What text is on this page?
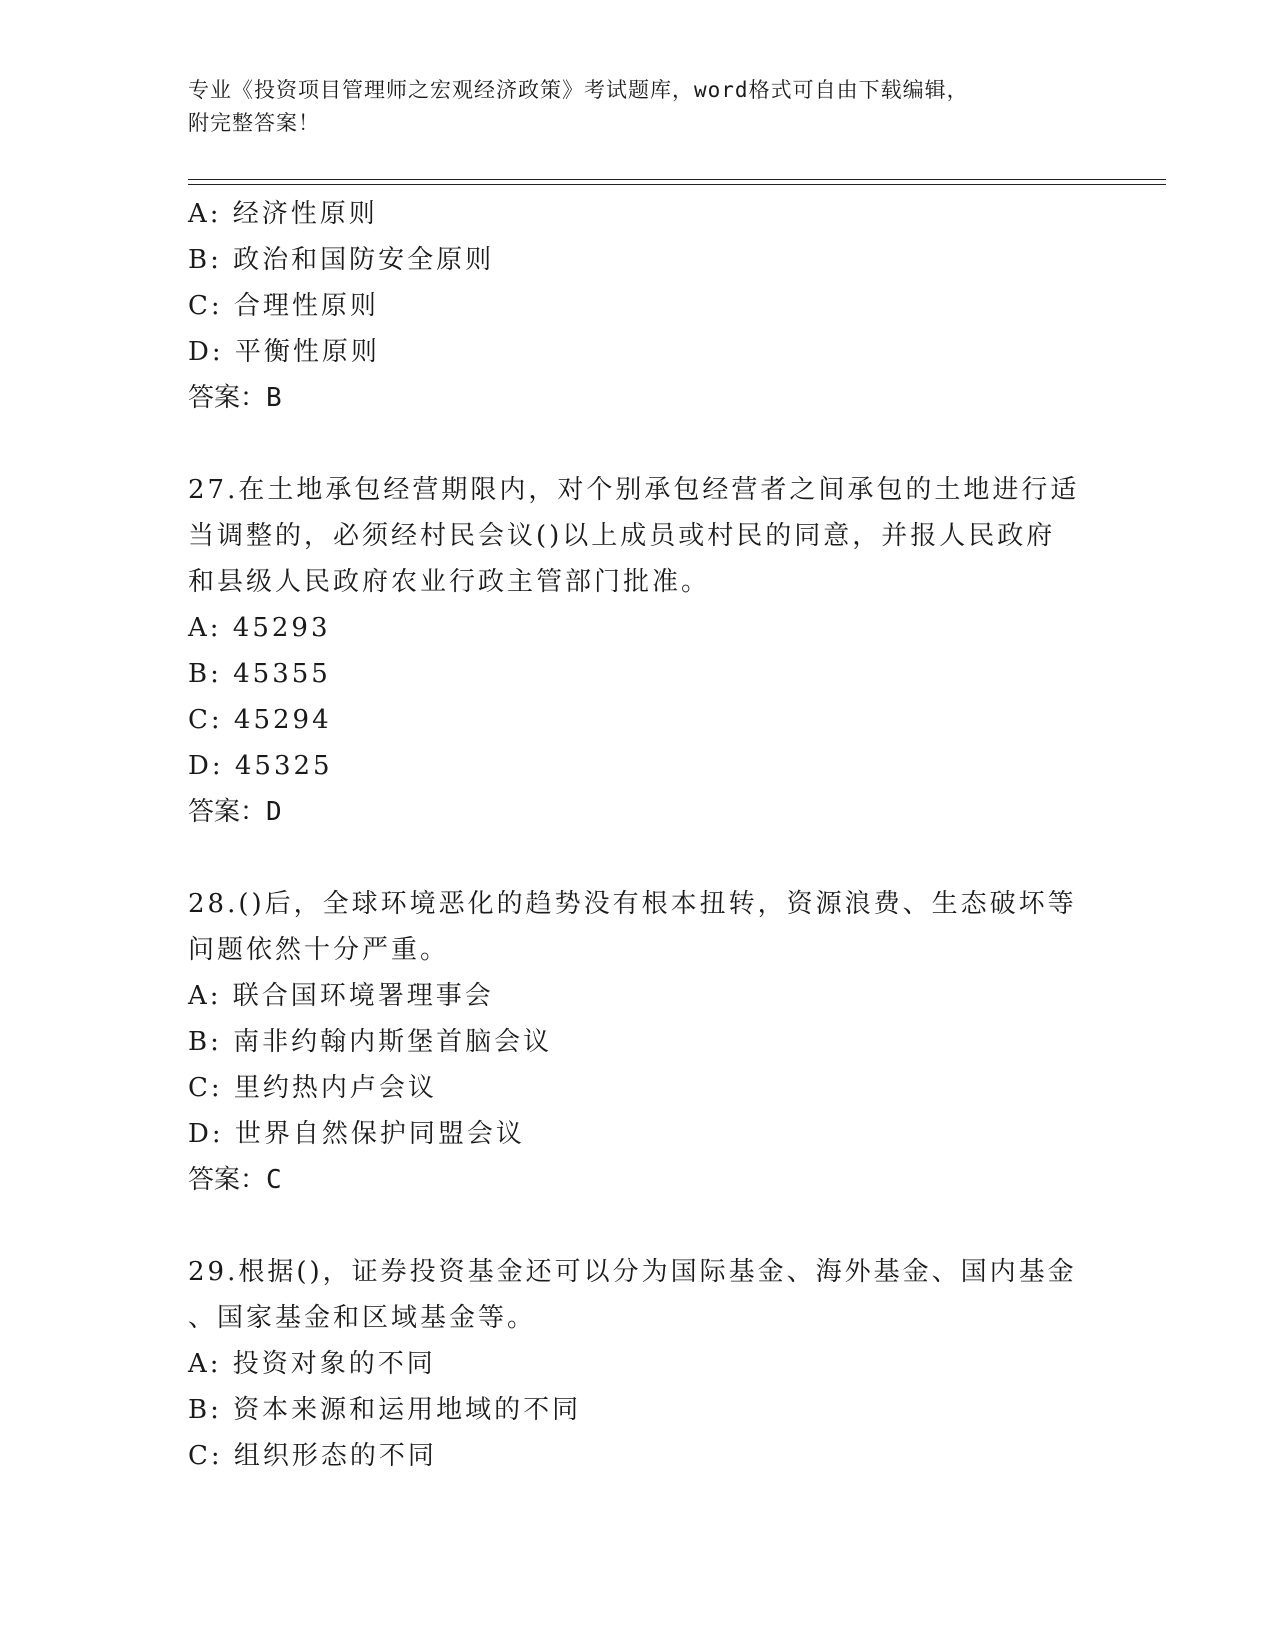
专业《投资项目管理师之宏观经济政策》考试题库，word格式可自由下载编辑，
附完整答案！
A: 经济性原则
B: 政治和国防安全原则
C: 合理性原则
D: 平衡性原则
答案：B
27.在土地承包经营期限内，对个别承包经营者之间承包的土地进行适
当调整的，必须经村民会议()以上成员或村民的同意，并报人民政府
和县级人民政府农业行政主管部门批准。
A: 45293
B: 45355
C: 45294
D: 45325
答案：D
28.()后，全球环境恶化的趋势没有根本扭转，资源浪费、生态破坏等
问题依然十分严重。
A: 联合国环境署理事会
B: 南非约翰内斯堡首脑会议
C: 里约热内卢会议
D: 世界自然保护同盟会议
答案：C
29.根据()，证券投资基金还可以分为国际基金、海外基金、国内基金
、国家基金和区域基金等。
A: 投资对象的不同
B: 资本来源和运用地域的不同
C: 组织形态的不同
